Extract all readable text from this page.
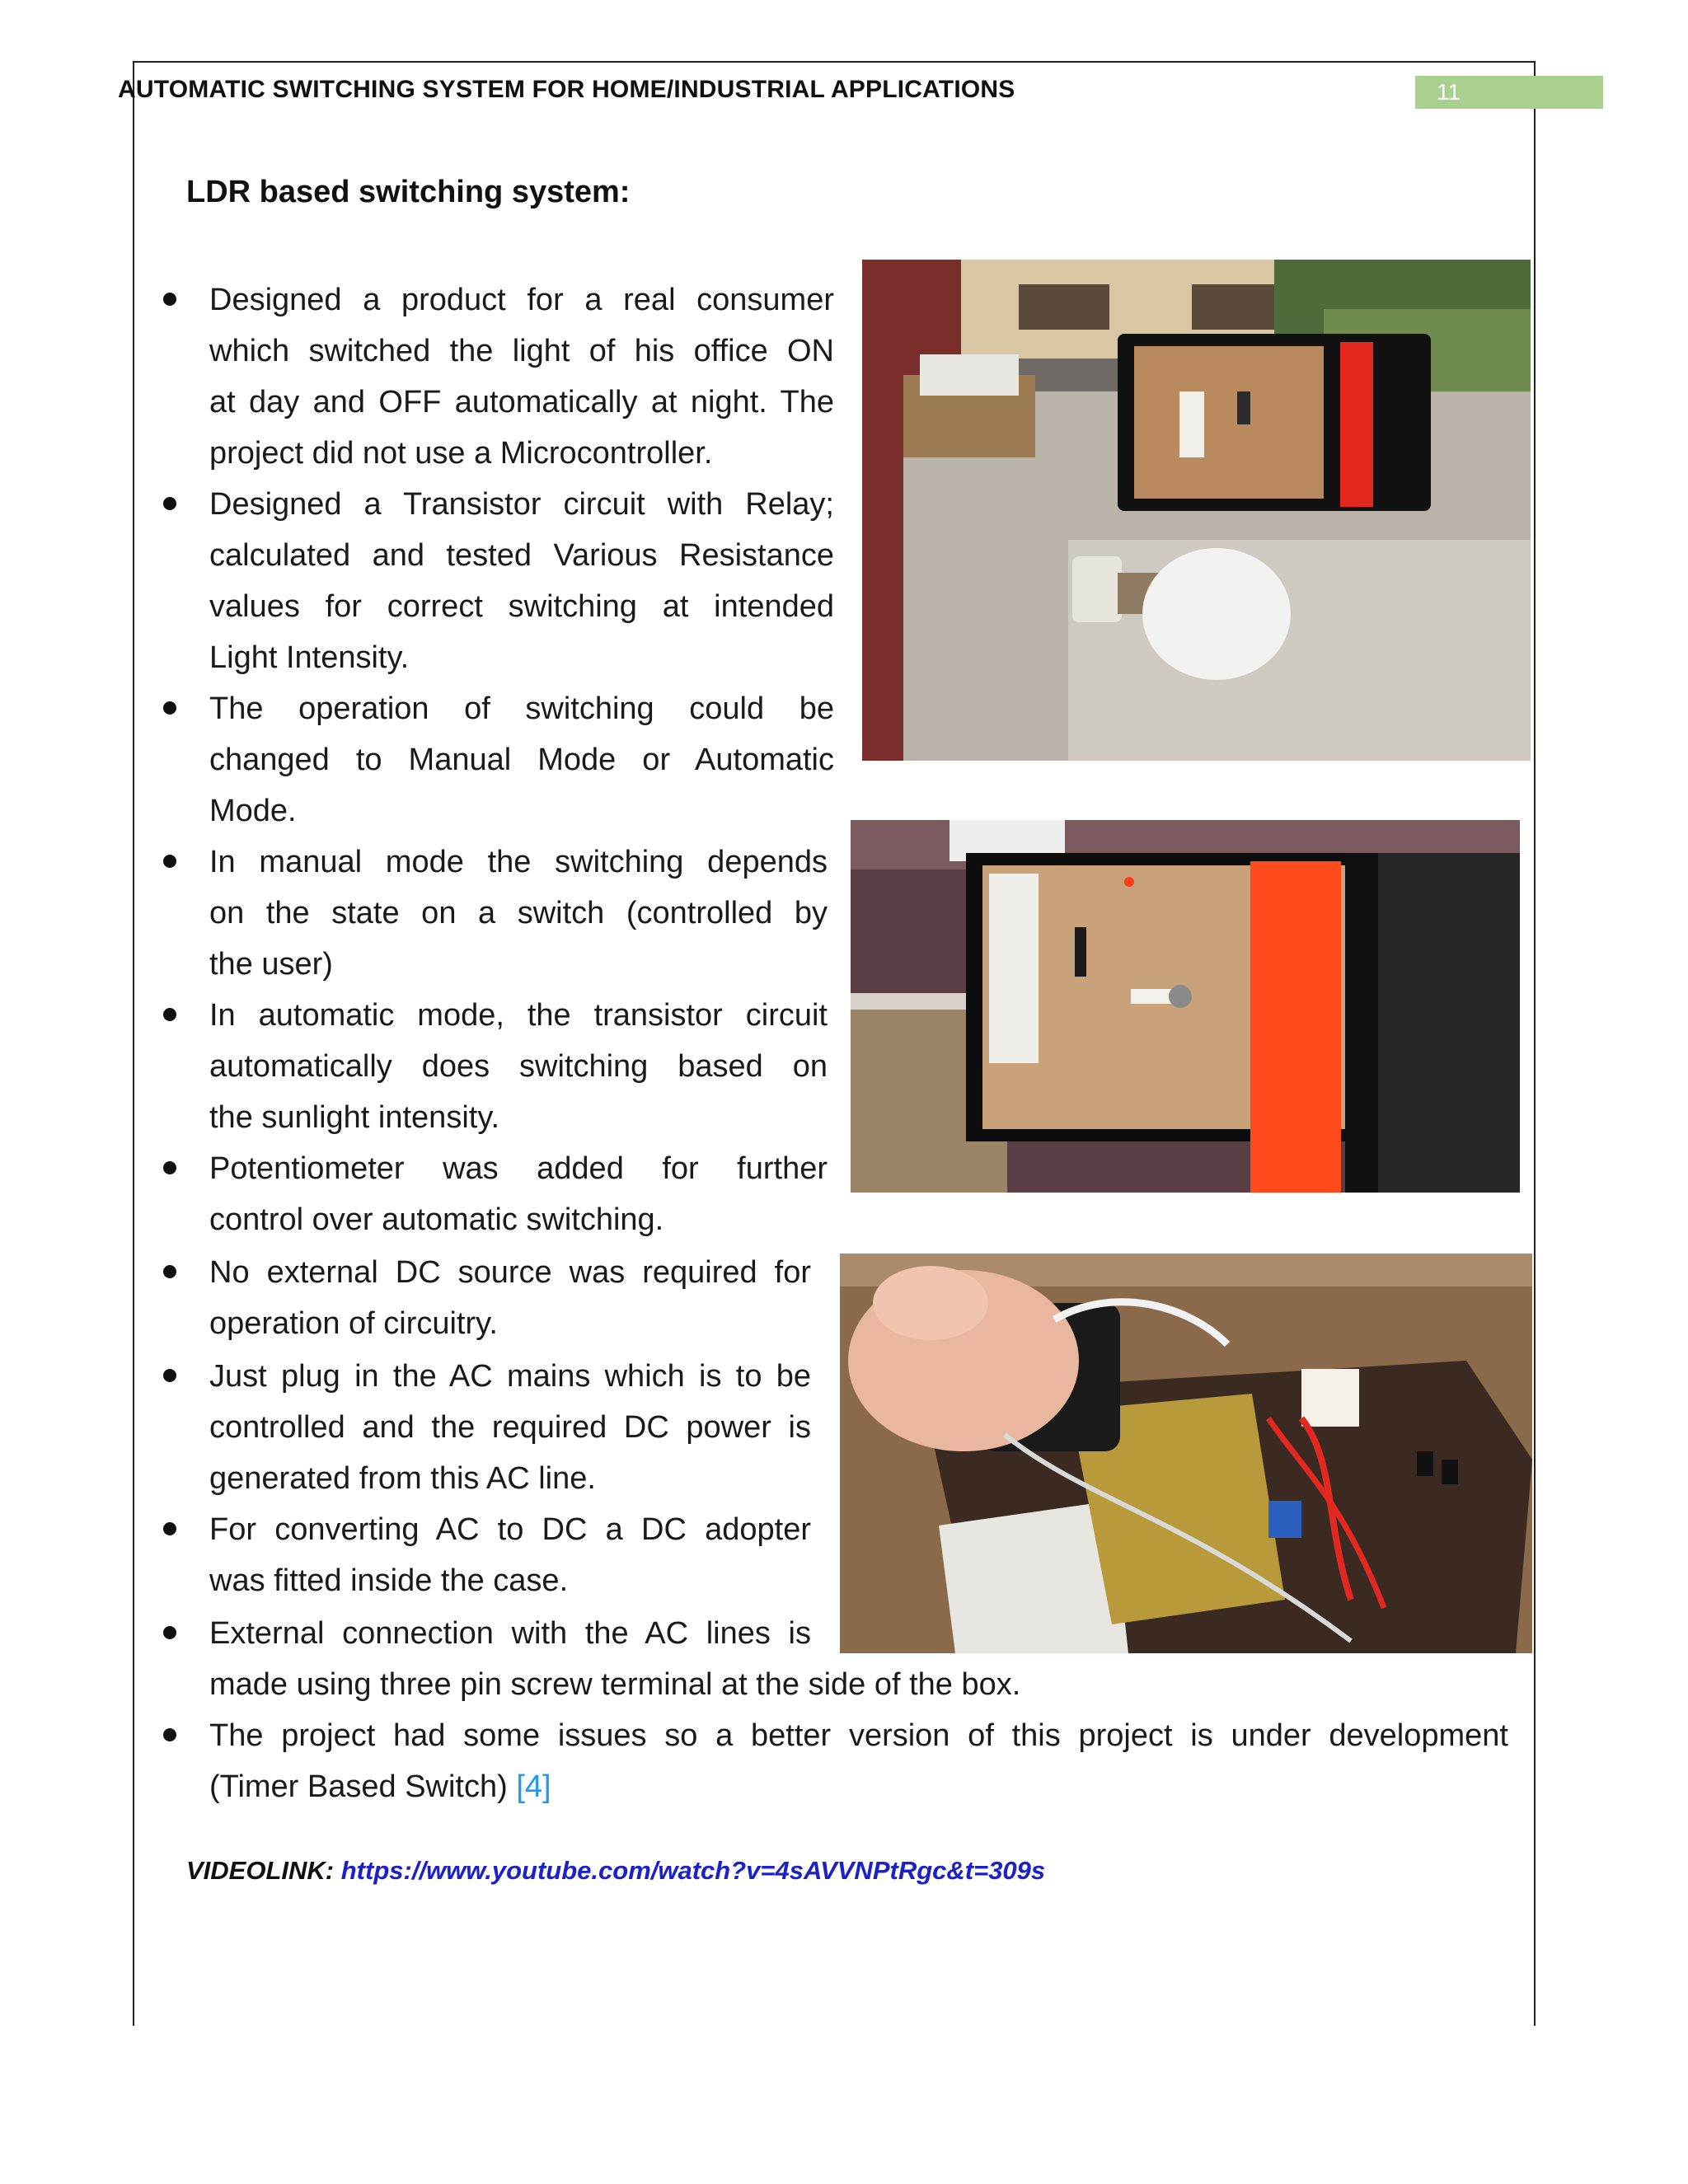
AUTOMATIC SWITCHING SYSTEM FOR HOME/INDUSTRIAL APPLICATIONS	11
LDR based switching system:
Designed a product for a real consumer
which switched the light of his office ON
at day and OFF automatically at night. The
project did not use a Microcontroller.
Designed a Transistor circuit with Relay;
calculated and tested Various Resistance
values for correct switching at intended
Light Intensity.
The operation of switching could be
changed to Manual Mode or Automatic
Mode.
In manual mode the switching depends
on the state on a switch (controlled by
the user)
In automatic mode, the transistor circuit
automatically does switching based on
the sunlight intensity.
Potentiometer was added for further
control over automatic switching.
No external DC source was required for
operation of circuitry.
Just plug in the AC mains which is to be
controlled and the required DC power is
generated from this AC line.
For converting AC to DC a DC adopter
was fitted inside the case.
External connection with the AC lines is
made using three pin screw terminal at the side of the box.
The project had some issues so a better version of this project is under development
(Timer Based Switch) [4]
VIDEOLINK: https://www.youtube.com/watch?v=4sAVVNPtRgc&t=309s
